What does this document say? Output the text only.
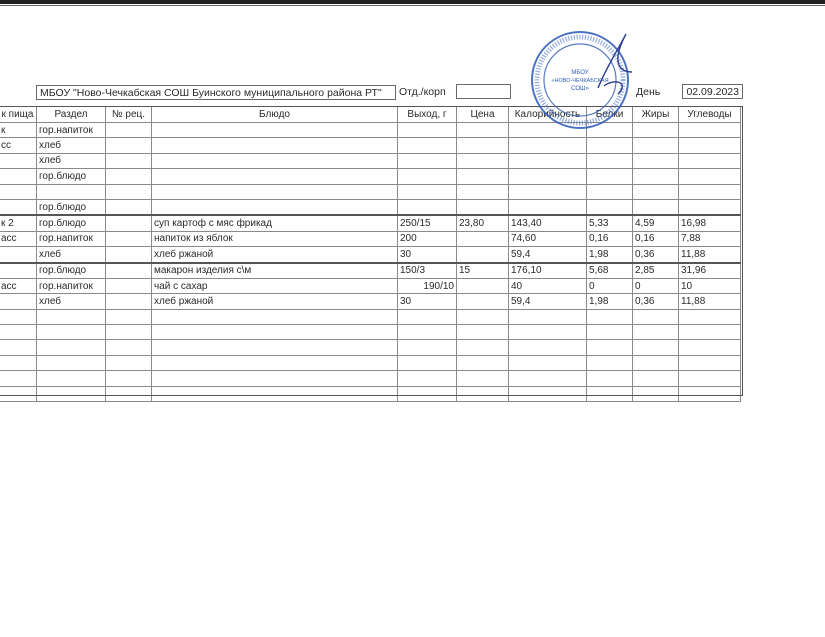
МБОУ "Ново-Чечкабская СОШ Буинского муниципального района РТ"	Отд./корп	День	02.09.2023
к пища	Раздел	№ рец.	Блюдо	Выход, г	Цена	Калорийность	Белки	Жиры	Углеводы
к	гор.напиток								
сс	хлеб								
	хлеб								
	гор.блюдо								

	гор.блюдо								
к 2	гор.блюдо		суп картоф с мяс фрикад	250/15	23,80	143,40	5,33	4,59	16,98
асс	гор.напиток		напиток из яблок	200		74,60	0,16	0,16	7,88
	хлеб		хлеб ржаной	30		59,4	1,98	0,36	11,88
	гор.блюдо		макарон изделия с\м	150/3	15	176,10	5,68	2,85	31,96
асс	гор.напиток		чай с сахар	190/10		40	0	0	10
	хлеб		хлеб ржаной	30		59,4	1,98	0,36	11,88

МБОУ
«НОВО-ЧЕЧКАБСКАЯ
СОШ»
